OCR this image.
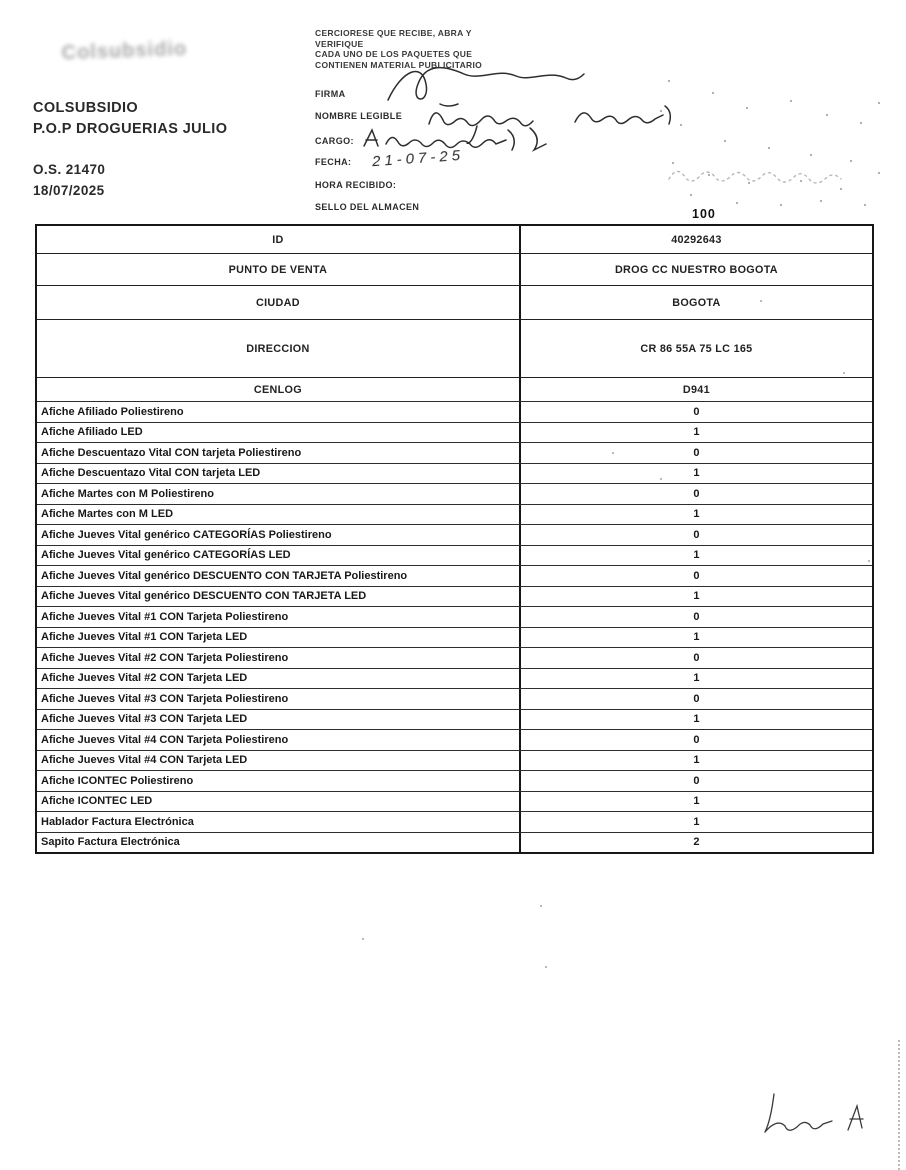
Colsubsidio
COLSUBSIDIO
P.O.P DROGUERIAS JULIO
O.S. 21470
18/07/2025
CERCIORESE QUE RECIBE, ABRA Y
VERIFIQUE
CADA UNO DE LOS PAQUETES QUE
CONTIENEN MATERIAL PUBLICITARIO
FIRMA
NOMBRE LEGIBLE
CARGO:
FECHA:
HORA RECIBIDO:
SELLO DEL ALMACEN
21-07-25
100
ID	40292643
PUNTO DE VENTA	DROG CC NUESTRO BOGOTA
CIUDAD	BOGOTA
DIRECCION	CR 86 55A 75 LC 165
CENLOG	D941
Afiche Afiliado Poliestireno	0
Afiche Afiliado LED	1
Afiche Descuentazo Vital CON tarjeta Poliestireno	0
Afiche Descuentazo Vital CON tarjeta LED	1
Afiche Martes con M Poliestireno	0
Afiche Martes con M LED	1
Afiche Jueves Vital genérico CATEGORÍAS Poliestireno	0
Afiche Jueves Vital genérico CATEGORÍAS LED	1
Afiche Jueves Vital genérico DESCUENTO CON TARJETA Poliestireno	0
Afiche Jueves Vital genérico DESCUENTO CON TARJETA LED	1
Afiche Jueves Vital #1 CON Tarjeta Poliestireno	0
Afiche Jueves Vital #1 CON Tarjeta LED	1
Afiche Jueves Vital #2 CON Tarjeta Poliestireno	0
Afiche Jueves Vital #2 CON Tarjeta LED	1
Afiche Jueves Vital #3 CON Tarjeta Poliestireno	0
Afiche Jueves Vital #3 CON Tarjeta LED	1
Afiche Jueves Vital #4 CON Tarjeta Poliestireno	0
Afiche Jueves Vital #4 CON Tarjeta LED	1
Afiche ICONTEC Poliestireno	0
Afiche ICONTEC LED	1
Hablador Factura Electrónica	1
Sapito Factura Electrónica	2
